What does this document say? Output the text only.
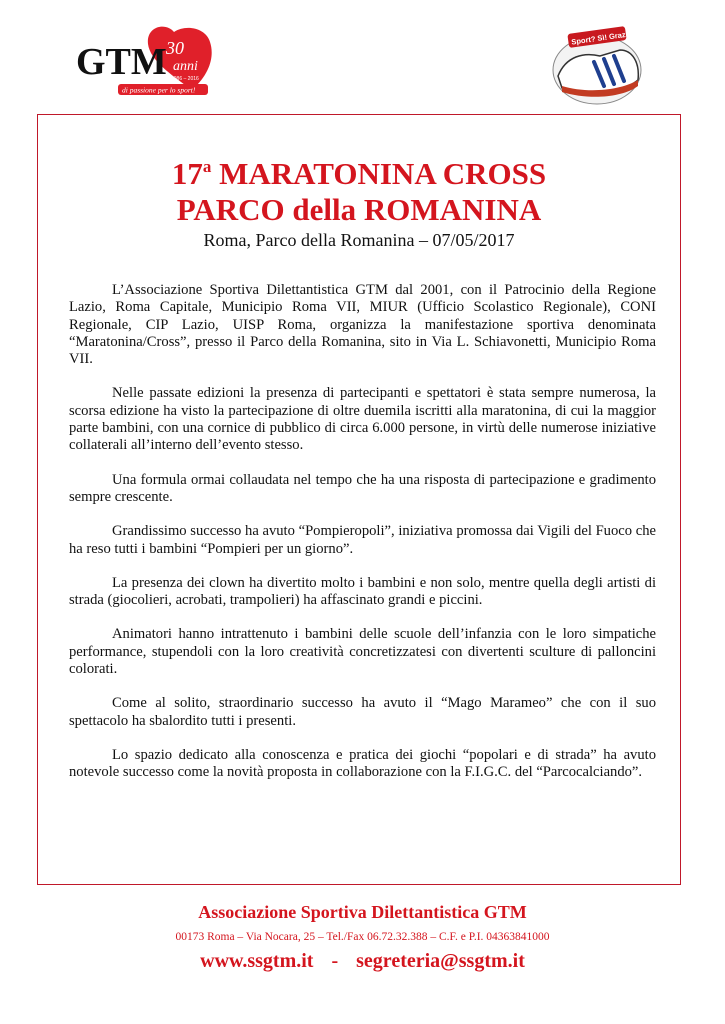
GTM 30
anni
1986 – 2016
di passione per lo sport!
Sport? Sì! Grazie!
17$^a$ MARATONINA CROSS
PARCO della ROMANINA
Roma, Parco della Romanina – 07/05/2017

L’Associazione Sportiva Dilettantistica GTM dal 2001, con il Patrocinio della Regione Lazio, Roma Capitale, Municipio Roma VII, MIUR (Ufficio Scolastico Regionale), CONI Regionale, CIP Lazio, UISP Roma, organizza la manifestazione sportiva denominata “Maratonina/Cross”, presso il Parco della Romanina, sito in Via L. Schiavonetti, Municipio Roma VII.

Nelle passate edizioni la presenza di partecipanti e spettatori è stata sempre numerosa, la scorsa edizione ha visto la partecipazione di oltre duemila iscritti alla maratonina, di cui la maggior parte bambini, con una cornice di pubblico di circa 6.000 persone, in virtù delle numerose iniziative collaterali all’interno dell’evento stesso.

Una formula ormai collaudata nel tempo che ha una risposta di partecipazione e gradimento sempre crescente.

Grandissimo successo ha avuto “Pompieropoli”, iniziativa promossa dai Vigili del Fuoco che ha reso tutti i bambini “Pompieri per un giorno”.

La presenza dei clown ha divertito molto i bambini e non solo, mentre quella degli artisti di strada (giocolieri, acrobati, trampolieri) ha affascinato grandi e piccini.

Animatori hanno intrattenuto i bambini delle scuole dell’infanzia con le loro simpatiche performance, stupendoli con la loro creatività concretizzatesi con divertenti sculture di palloncini colorati.

Come al solito, straordinario successo ha avuto il “Mago Marameo” che con il suo spettacolo ha sbalordito tutti i presenti.

Lo spazio dedicato alla conoscenza e pratica dei giochi “popolari e di strada” ha avuto notevole successo come la novità proposta in collaborazione con la F.I.G.C. del “Parcocalciando”.

Associazione Sportiva Dilettantistica GTM
00173 Roma – Via Nocara, 25 – Tel./Fax 06.72.32.388 – C.F. e P.I. 04363841000
www.ssgtm.it - segreteria@ssgtm.it
